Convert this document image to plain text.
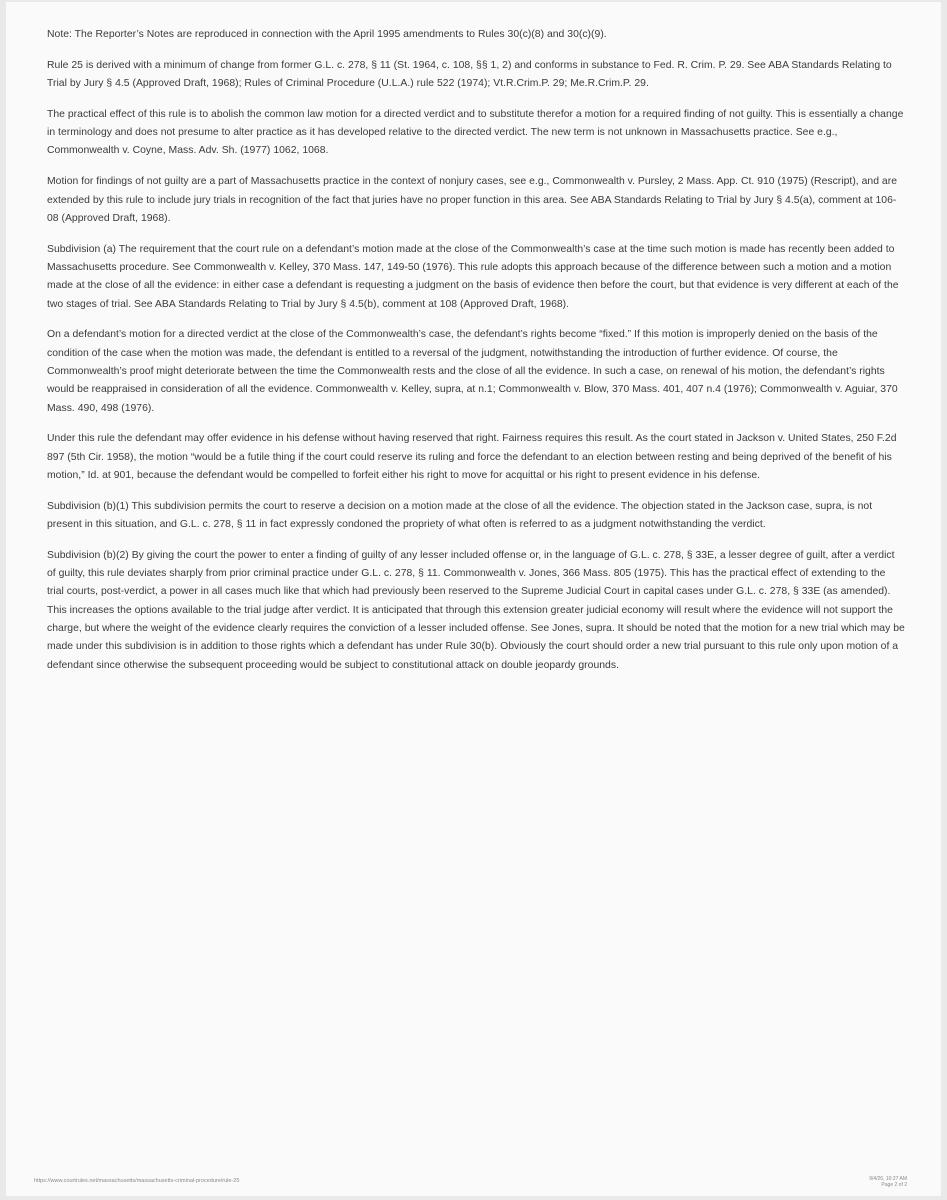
Note: The Reporter’s Notes are reproduced in connection with the April 1995 amendments to Rules 30(c)(8) and 30(c)(9).

Rule 25 is derived with a minimum of change from former G.L. c. 278, § 11 (St. 1964, c. 108, §§ 1, 2) and conforms in substance to Fed. R. Crim. P. 29. See ABA Standards Relating to Trial by Jury § 4.5 (Approved Draft, 1968); Rules of Criminal Procedure (U.L.A.) rule 522 (1974); Vt.R.Crim.P. 29; Me.R.Crim.P. 29.

The practical effect of this rule is to abolish the common law motion for a directed verdict and to substitute therefor a motion for a required finding of not guilty. This is essentially a change in terminology and does not presume to alter practice as it has developed relative to the directed verdict. The new term is not unknown in Massachusetts practice. See e.g., Commonwealth v. Coyne, Mass. Adv. Sh. (1977) 1062, 1068.

Motion for findings of not guilty are a part of Massachusetts practice in the context of nonjury cases, see e.g., Commonwealth v. Pursley, 2 Mass. App. Ct. 910 (1975) (Rescript), and are extended by this rule to include jury trials in recognition of the fact that juries have no proper function in this area. See ABA Standards Relating to Trial by Jury § 4.5(a), comment at 106-08 (Approved Draft, 1968).

Subdivision (a) The requirement that the court rule on a defendant’s motion made at the close of the Commonwealth’s case at the time such motion is made has recently been added to Massachusetts procedure. See Commonwealth v. Kelley, 370 Mass. 147, 149-50 (1976). This rule adopts this approach because of the difference between such a motion and a motion made at the close of all the evidence: in either case a defendant is requesting a judgment on the basis of evidence then before the court, but that evidence is very different at each of the two stages of trial. See ABA Standards Relating to Trial by Jury § 4.5(b), comment at 108 (Approved Draft, 1968).

On a defendant’s motion for a directed verdict at the close of the Commonwealth’s case, the defendant’s rights become “fixed.” If this motion is improperly denied on the basis of the condition of the case when the motion was made, the defendant is entitled to a reversal of the judgment, notwithstanding the introduction of further evidence. Of course, the Commonwealth’s proof might deteriorate between the time the Commonwealth rests and the close of all the evidence. In such a case, on renewal of his motion, the defendant’s rights would be reappraised in consideration of all the evidence. Commonwealth v. Kelley, supra, at n.1; Commonwealth v. Blow, 370 Mass. 401, 407 n.4 (1976); Commonwealth v. Aguiar, 370 Mass. 490, 498 (1976).

Under this rule the defendant may offer evidence in his defense without having reserved that right. Fairness requires this result. As the court stated in Jackson v. United States, 250 F.2d 897 (5th Cir. 1958), the motion “would be a futile thing if the court could reserve its ruling and force the defendant to an election between resting and being deprived of the benefit of his motion,” Id. at 901, because the defendant would be compelled to forfeit either his right to move for acquittal or his right to present evidence in his defense.

Subdivision (b)(1) This subdivision permits the court to reserve a decision on a motion made at the close of all the evidence. The objection stated in the Jackson case, supra, is not present in this situation, and G.L. c. 278, § 11 in fact expressly condoned the propriety of what often is referred to as a judgment notwithstanding the verdict.

Subdivision (b)(2) By giving the court the power to enter a finding of guilty of any lesser included offense or, in the language of G.L. c. 278, § 33E, a lesser degree of guilt, after a verdict of guilty, this rule deviates sharply from prior criminal practice under G.L. c. 278, § 11. Commonwealth v. Jones, 366 Mass. 805 (1975). This has the practical effect of extending to the trial courts, post-verdict, a power in all cases much like that which had previously been reserved to the Supreme Judicial Court in capital cases under G.L. c. 278, § 33E (as amended). This increases the options available to the trial judge after verdict. It is anticipated that through this extension greater judicial economy will result where the evidence will not support the charge, but where the weight of the evidence clearly requires the conviction of a lesser included offense. See Jones, supra. It should be noted that the motion for a new trial which may be made under this subdivision is in addition to those rights which a defendant has under Rule 30(b). Obviously the court should order a new trial pursuant to this rule only upon motion of a defendant since otherwise the subsequent proceeding would be subject to constitutional attack on double jeopardy grounds.

https://www.courtrules.net/massachusetts/massachusetts-criminal-procedure/rule-25	9/4/26, 10:27 AM
Page 2 of 2
